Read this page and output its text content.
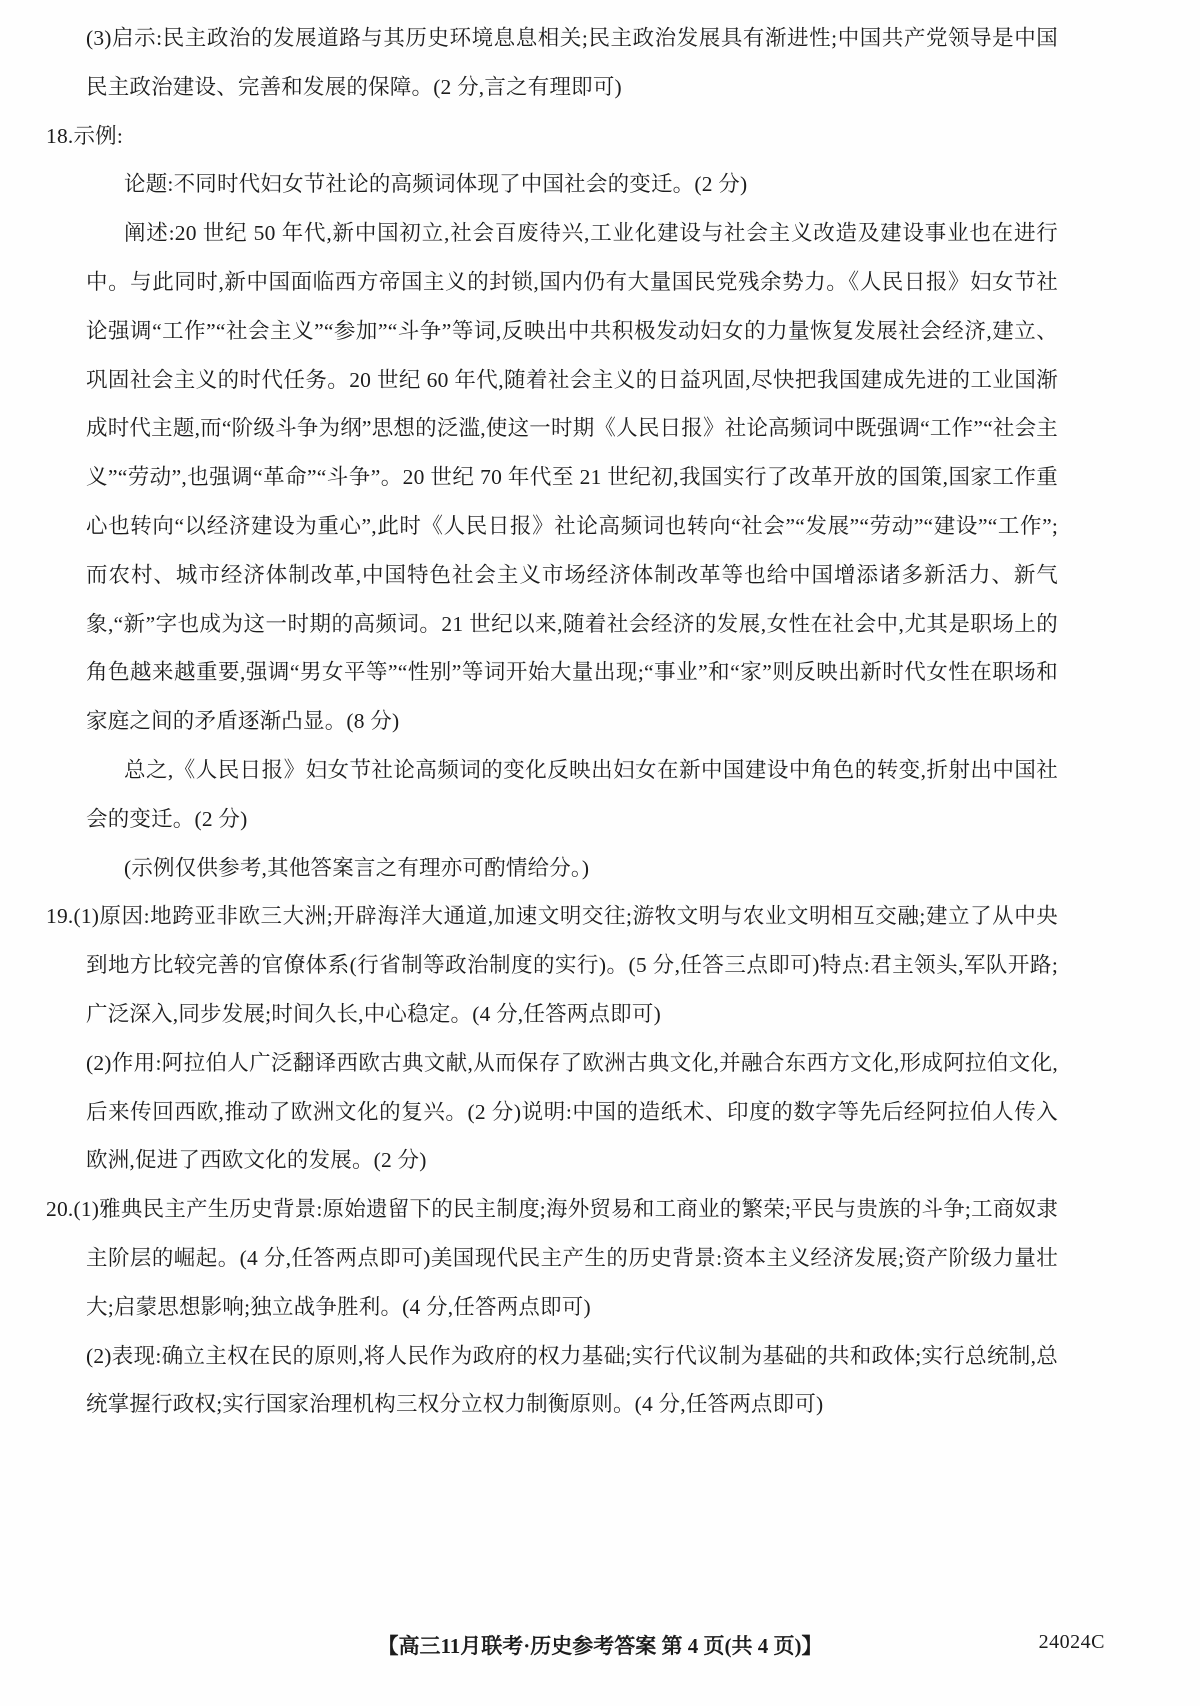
(3)启示:民主政治的发展道路与其历史环境息息相关;民主政治发展具有渐进性;中国共产党领导是中国民主政治建设、完善和发展的保障。(2 分,言之有理即可)

18.示例:

论题:不同时代妇女节社论的高频词体现了中国社会的变迁。(2 分)

阐述:20 世纪 50 年代,新中国初立,社会百废待兴,工业化建设与社会主义改造及建设事业也在进行中。与此同时,新中国面临西方帝国主义的封锁,国内仍有大量国民党残余势力。《人民日报》妇女节社论强调“工作”“社会主义”“参加”“斗争”等词,反映出中共积极发动妇女的力量恢复发展社会经济,建立、巩固社会主义的时代任务。20 世纪 60 年代,随着社会主义的日益巩固,尽快把我国建成先进的工业国渐成时代主题,而“阶级斗争为纲”思想的泛滥,使这一时期《人民日报》社论高频词中既强调“工作”“社会主义”“劳动”,也强调“革命”“斗争”。20 世纪 70 年代至 21 世纪初,我国实行了改革开放的国策,国家工作重心也转向“以经济建设为重心”,此时《人民日报》社论高频词也转向“社会”“发展”“劳动”“建设”“工作”;而农村、城市经济体制改革,中国特色社会主义市场经济体制改革等也给中国增添诸多新活力、新气象,“新”字也成为这一时期的高频词。21 世纪以来,随着社会经济的发展,女性在社会中,尤其是职场上的角色越来越重要,强调“男女平等”“性别”等词开始大量出现;“事业”和“家”则反映出新时代女性在职场和家庭之间的矛盾逐渐凸显。(8 分)

总之,《人民日报》妇女节社论高频词的变化反映出妇女在新中国建设中角色的转变,折射出中国社会的变迁。(2 分)

(示例仅供参考,其他答案言之有理亦可酌情给分。)

19.(1)原因:地跨亚非欧三大洲;开辟海洋大通道,加速文明交往;游牧文明与农业文明相互交融;建立了从中央到地方比较完善的官僚体系(行省制等政治制度的实行)。(5 分,任答三点即可)特点:君主领头,军队开路;广泛深入,同步发展;时间久长,中心稳定。(4 分,任答两点即可)

(2)作用:阿拉伯人广泛翻译西欧古典文献,从而保存了欧洲古典文化,并融合东西方文化,形成阿拉伯文化,后来传回西欧,推动了欧洲文化的复兴。(2 分)说明:中国的造纸术、印度的数字等先后经阿拉伯人传入欧洲,促进了西欧文化的发展。(2 分)

20.(1)雅典民主产生历史背景:原始遗留下的民主制度;海外贸易和工商业的繁荣;平民与贵族的斗争;工商奴隶主阶层的崛起。(4 分,任答两点即可)美国现代民主产生的历史背景:资本主义经济发展;资产阶级力量壮大;启蒙思想影响;独立战争胜利。(4 分,任答两点即可)

(2)表现:确立主权在民的原则,将人民作为政府的权力基础;实行代议制为基础的共和政体;实行总统制,总统掌握行政权;实行国家治理机构三权分立权力制衡原则。(4 分,任答两点即可)

【高三11月联考·历史参考答案 第 4 页(共 4 页)】	24024C
